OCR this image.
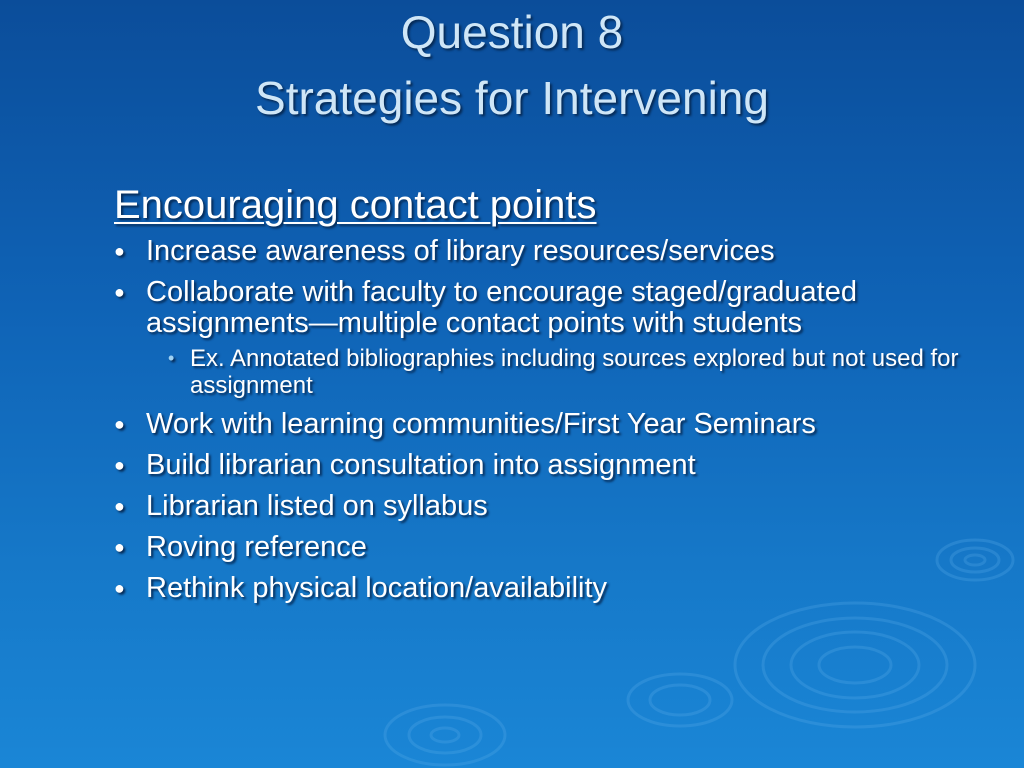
Question 8
Strategies for Intervening
Encouraging contact points
● Increase awareness of library resources/services
● Collaborate with faculty to encourage staged/graduated assignments—multiple contact points with students
• Ex. Annotated bibliographies including sources explored but not used for assignment
● Work with learning communities/First Year Seminars
● Build librarian consultation into assignment
● Librarian listed on syllabus
● Roving reference
● Rethink physical location/availability
